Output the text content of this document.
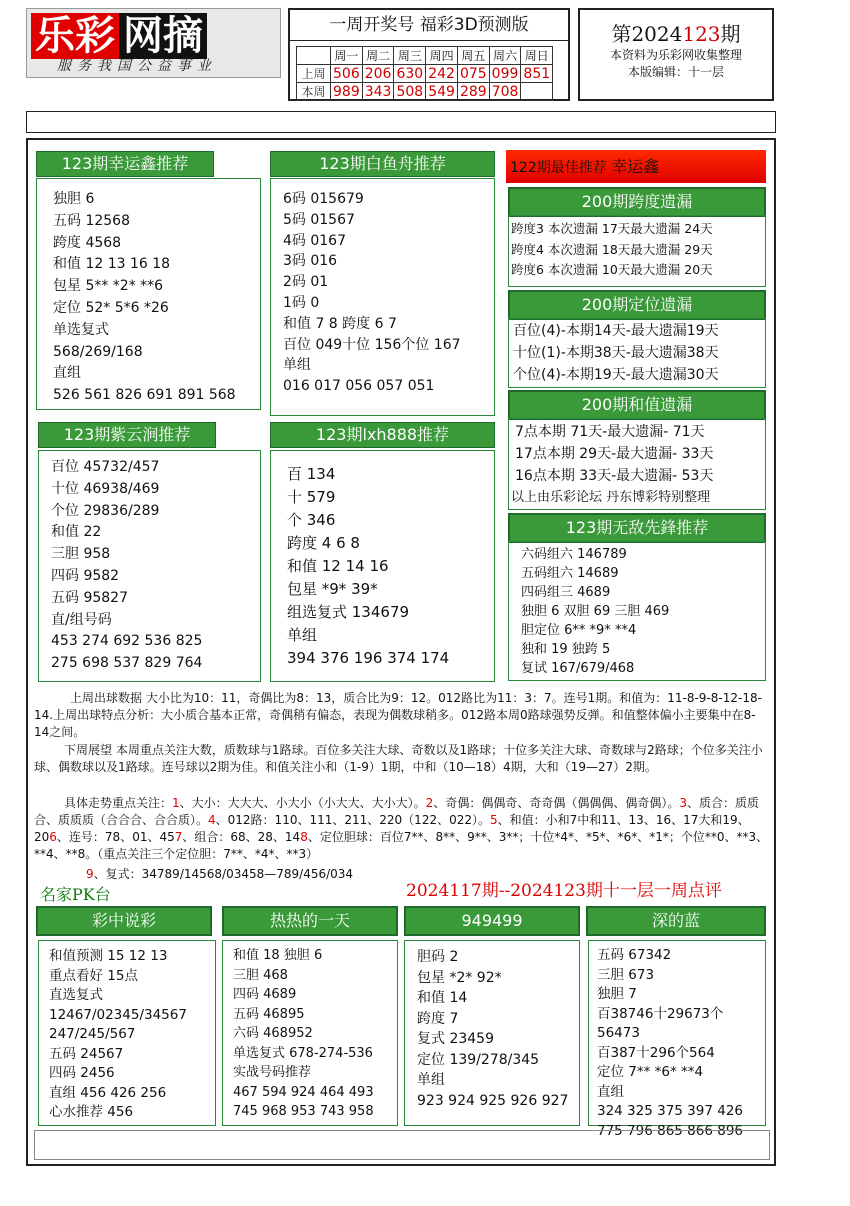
乐彩 网摘
服务我国公益事业
一周开奖号 福彩3D预测版
	周一	周二	周三	周四	周五	周六	周日
上周	506	206	630	242	075	099	851
本周	989	343	508	549	289	708	
第2024123期
本资料为乐彩网收集整理
本版编辑：十一层
123期幸运鑫推荐
独胆 6
五码 12568
跨度 4568
和值 12 13 16 18
包星 5** *2* **6
定位 52* 5*6 *26
单选复式
568/269/168
直组
526 561 826 691 891 568
123期白鱼舟推荐
6码 015679
5码 01567
4码 0167
3码 016
2码 01
1码 0
和值 7 8 跨度 6 7
百位 049十位 156个位 167
单组
016 017 056 057 051
122期最佳推荐 幸运鑫
200期跨度遗漏
跨度3 本次遗漏 17天最大遗漏 24天
跨度4 本次遗漏 18天最大遗漏 29天
跨度6 本次遗漏 10天最大遗漏 20天
200期定位遗漏
百位(4)-本期14天-最大遗漏19天
十位(1)-本期38天-最大遗漏38天
个位(4)-本期19天-最大遗漏30天
200期和值遗漏
7点本期 71天-最大遗漏- 71天
17点本期 29天-最大遗漏- 33天
16点本期 33天-最大遗漏- 53天
以上由乐彩论坛 丹东博彩特别整理
123期紫云涧推荐
百位 45732/457
十位 46938/469
个位 29836/289
和值 22
三胆 958
四码 9582
五码 95827
直/组号码
453 274 692 536 825
275 698 537 829 764
123期lxh888推荐
百 134
十 579
个 346
跨度 4 6 8
和值 12 14 16
包星 *9* 39*
组选复式 134679
单组
394 376 196 374 174
123期无敌先鋒推荐
六码组六 146789
五码组六 14689
四码组三 4689
独胆 6 双胆 69 三胆 469
胆定位 6** *9* **4
独和 19 独跨 5
复试 167/679/468
上周出球数据 大小比为10：11，奇偶比为8：13，质合比为9：12。012路比为11：3：7。连号1期。和值为：11-8-9-8-12-18-14.上周出球特点分析：大小质合基本正常，奇偶稍有偏态，表现为偶数球稍多。012路本周0路球强势反弹。和值整体偏小主要集中在8-14之间。
下周展望 本周重点关注大数，质数球与1路球。百位多关注大球、奇数以及1路球；十位多关注大球、奇数球与2路球；个位多关注小球、偶数球以及1路球。连号球以2期为佳。和值关注小和（1-9）1期，中和（10—18）4期，大和（19—27）2期。
具体走势重点关注：1、大小：大大大、小大小（小大大、大小大）。2、奇偶：偶偶奇、奇奇偶（偶偶偶、偶奇偶）。3、质合：质质合、质质质（合合合、合合质）。4、012路：110、111、211、220（122、022）。5、和值：小和7中和11、13、16、17大和19、206、连号：78、01、457、组合：68、28、148、定位胆球：百位7**、8**、9**、3**；十位*4*、*5*、*6*、*1*；个位**0、**3、**4、**8。（重点关注三个定位胆：7**、*4*、**3）
9、复式：34789/14568/03458—789/456/034
名家PK台	2024117期--2024123期十一层一周点评
彩中说彩
和值预测 15 12 13
重点看好 15点
直选复式
12467/02345/34567
247/245/567
五码 24567
四码 2456
直组 456 426 256
心水推荐 456
热热的一天
和值 18 独胆 6
三胆 468
四码 4689
五码 46895
六码 468952
单选复式 678-274-536
实战号码推荐
467 594 924 464 493
745 968 953 743 958
949499
胆码 2
包星 *2* 92*
和值 14
跨度 7
复式 23459
定位 139/278/345
单组
923 924 925 926 927
深的蓝
五码 67342
三胆 673
独胆 7
百38746十29673个56473
百387十296个564
定位 7** *6* **4
直组
324 325 375 397 426
775 796 865 866 896
